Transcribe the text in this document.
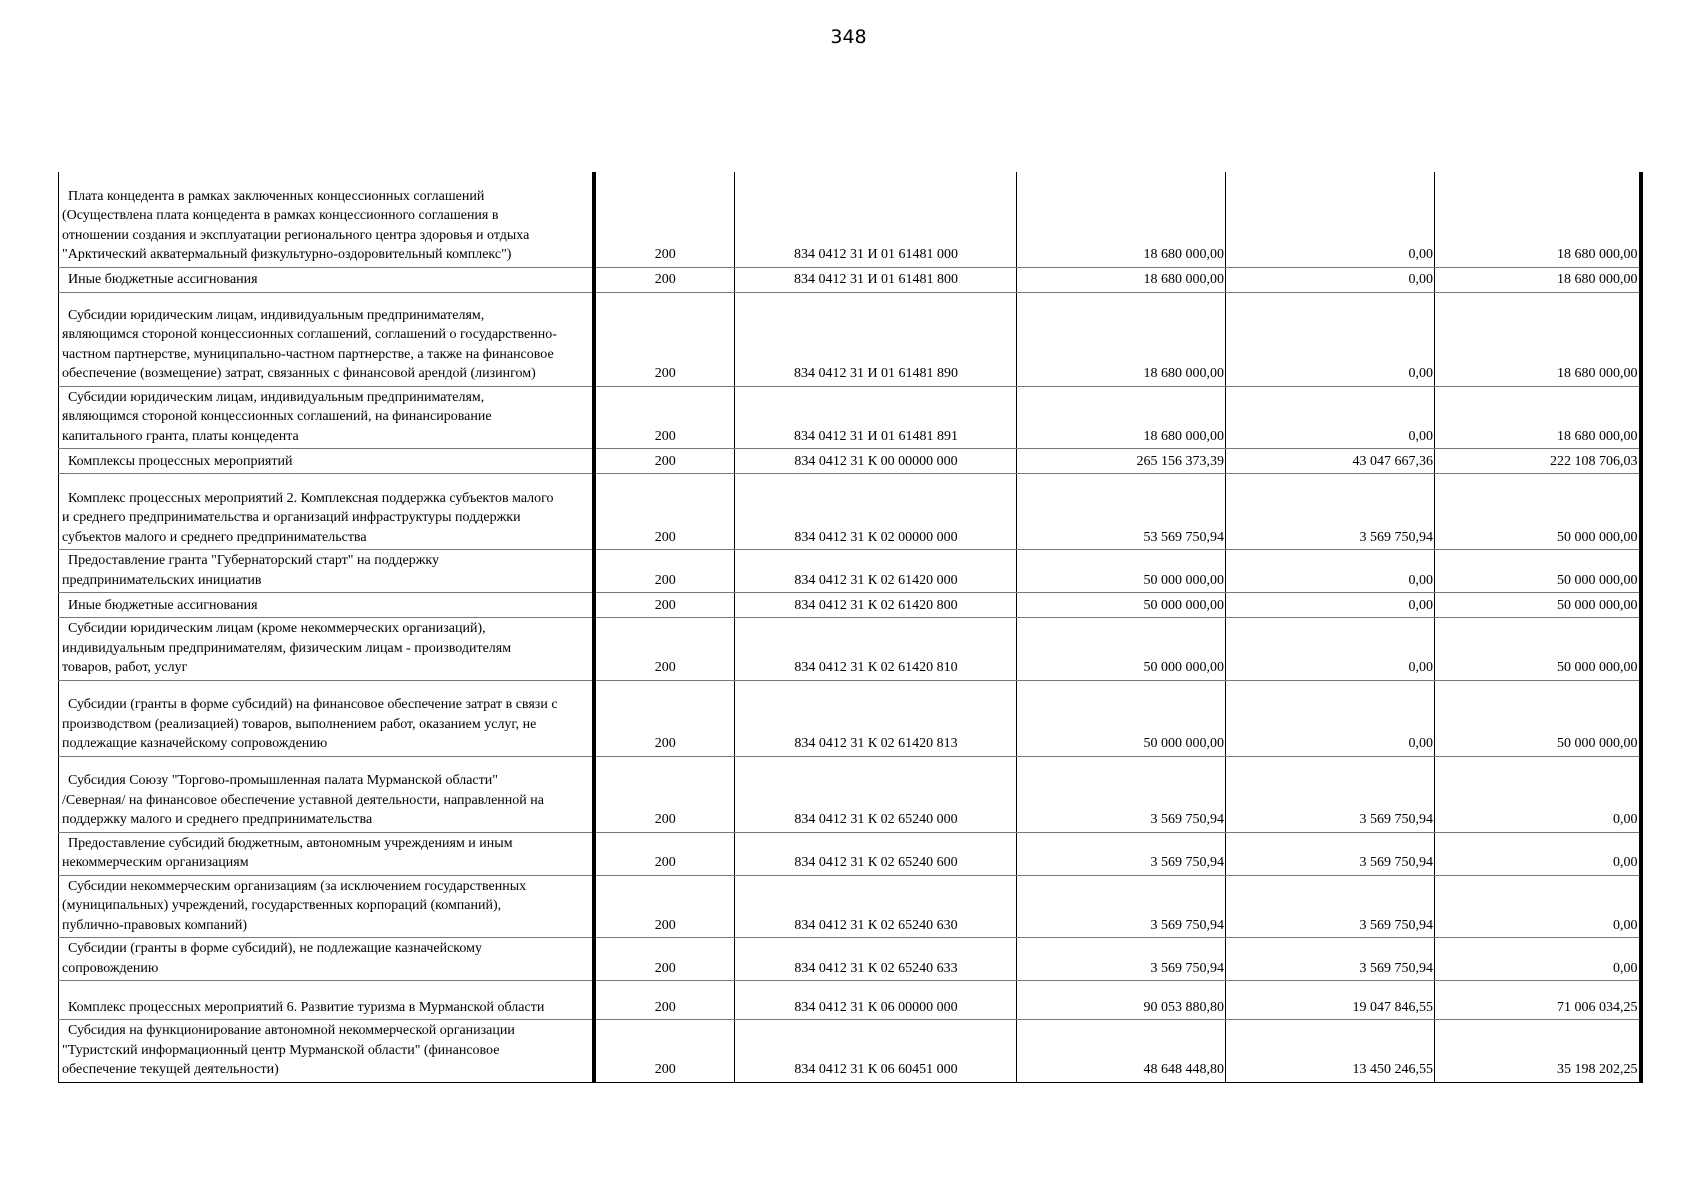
348
Плата концедента в рамках заключенных концессионных соглашений
(Осуществлена плата концедента в рамках концессионного соглашения в
отношении создания и эксплуатации регионального центра здоровья и отдыха
"Арктический акватермальный физкультурно-оздоровительный комплекс")	200	834 0412 31 И 01 61481 000	18 680 000,00	0,00	18 680 000,00

Иные бюджетные ассигнования	200	834 0412 31 И 01 61481 800	18 680 000,00	0,00	18 680 000,00

Субсидии юридическим лицам, индивидуальным предпринимателям,
являющимся стороной концессионных соглашений, соглашений о государственно-
частном партнерстве, муниципально-частном партнерстве, а также на финансовое
обеспечение (возмещение) затрат, связанных с финансовой арендой (лизингом)	200	834 0412 31 И 01 61481 890	18 680 000,00	0,00	18 680 000,00

Субсидии юридическим лицам, индивидуальным предпринимателям,
являющимся стороной концессионных соглашений, на финансирование
капитального гранта, платы концедента	200	834 0412 31 И 01 61481 891	18 680 000,00	0,00	18 680 000,00

Комплексы процессных мероприятий	200	834 0412 31 К 00 00000 000	265 156 373,39	43 047 667,36	222 108 706,03

Комплекс процессных мероприятий 2. Комплексная поддержка субъектов малого
и среднего предпринимательства и организаций инфраструктуры поддержки
субъектов малого и среднего предпринимательства	200	834 0412 31 К 02 00000 000	53 569 750,94	3 569 750,94	50 000 000,00

Предоставление гранта "Губернаторский старт" на поддержку
предпринимательских инициатив	200	834 0412 31 К 02 61420 000	50 000 000,00	0,00	50 000 000,00

Иные бюджетные ассигнования	200	834 0412 31 К 02 61420 800	50 000 000,00	0,00	50 000 000,00

Субсидии юридическим лицам (кроме некоммерческих организаций),
индивидуальным предпринимателям, физическим лицам - производителям
товаров, работ, услуг	200	834 0412 31 К 02 61420 810	50 000 000,00	0,00	50 000 000,00

Субсидии (гранты в форме субсидий) на финансовое обеспечение затрат в связи с
производством (реализацией) товаров, выполнением работ, оказанием услуг, не
подлежащие казначейскому сопровождению	200	834 0412 31 К 02 61420 813	50 000 000,00	0,00	50 000 000,00

Субсидия Союзу "Торгово-промышленная палата Мурманской области"
/Северная/ на финансовое обеспечение уставной деятельности, направленной на
поддержку малого и среднего предпринимательства	200	834 0412 31 К 02 65240 000	3 569 750,94	3 569 750,94	0,00

Предоставление субсидий бюджетным, автономным учреждениям и иным
некоммерческим организациям	200	834 0412 31 К 02 65240 600	3 569 750,94	3 569 750,94	0,00

Субсидии некоммерческим организациям (за исключением государственных
(муниципальных) учреждений, государственных корпораций (компаний),
публично-правовых компаний)	200	834 0412 31 К 02 65240 630	3 569 750,94	3 569 750,94	0,00

Субсидии (гранты в форме субсидий), не подлежащие казначейскому
сопровождению	200	834 0412 31 К 02 65240 633	3 569 750,94	3 569 750,94	0,00

Комплекс процессных мероприятий 6. Развитие туризма в Мурманской области	200	834 0412 31 К 06 00000 000	90 053 880,80	19 047 846,55	71 006 034,25

Субсидия на функционирование автономной некоммерческой организации
"Туристский информационный центр Мурманской области" (финансовое
обеспечение текущей деятельности)	200	834 0412 31 К 06 60451 000	48 648 448,80	13 450 246,55	35 198 202,25
